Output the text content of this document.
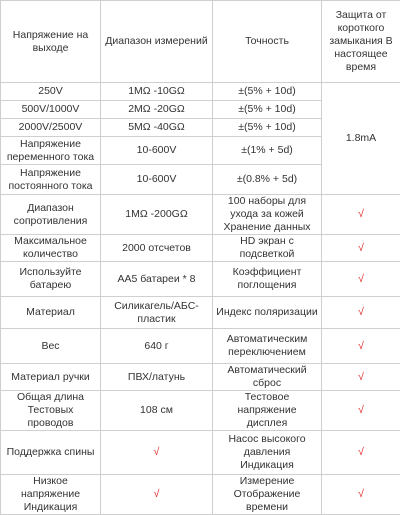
Напряжение на выходе	Диапазон измерений	Точность	Защита от короткого замыкания В настоящее время
250V	1MΩ -10GΩ	±(5% + 10d)	1.8mA
500V/1000V	2MΩ -20GΩ	±(5% + 10d)	
2000V/2500V	5MΩ -40GΩ	±(5% + 10d)	
Напряжение переменного тока	10-600V	±(1% + 5d)	
Напряжение постоянного тока	10-600V	±(0.8% + 5d)	
Диапазон сопротивления	1MΩ -200GΩ	100 наборы для ухода за кожей Хранение данных	√
Максимальное количество	2000 отсчетов	HD экран с подсветкой	√
Используйте батарею	AA5 батареи * 8	Коэффициент поглощения	√
Материал	Силикагель/АБС-пластик	Индекс поляризации	√
Вес	640 г	Автоматическим переключением	√
Материал ручки	ПВХ/латунь	Автоматический сброс	√
Общая длина Тестовых проводов	108 см	Тестовое напряжение дисплея	√
Поддержка спины	√	Насос высокого давления Индикация	√
Низкое напряжение Индикация	√	Измерение Отображение времени	√
